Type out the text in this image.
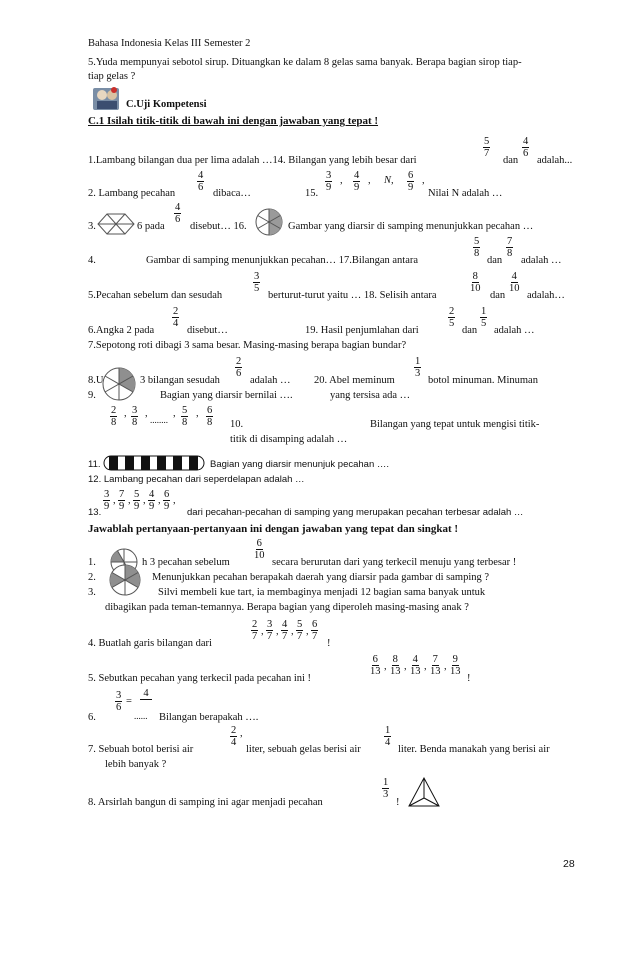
Bahasa Indonesia Kelas III Semester 2
5.Yuda mempunyai sebotol sirup. Dituangkan ke dalam 8 gelas sama banyak. Berapa bagian sirop tiap-
tiap gelas ?
C.Uji Kompetensi
C.1 Isilah titik-titik di bawah ini dengan jawaban yang tepat !
1.Lambang bilangan dua per lima adalah …14. Bilangan yang lebih besar dari
5
7
dan
4
6
adalah...
2. Lambang pecahan
4
6
dibaca…	15.
3
9
, 4
9
, N, 6
9
,
Nilai N adalah …
3.	6 pada
4
6
disebut… 16.	Gambar yang diarsir di samping menunjukkan pecahan …
4.	Gambar di samping menunjukkan pecahan… 17.Bilangan antara
5
8
dan
7
8
adalah …
5.Pecahan sebelum dan sesudah
3
5
berturut-turut yaitu … 18. Selisih antara
8
10
dan
4
10
adalah…
6.Angka 2 pada
2
4
disebut…	19. Hasil penjumlahan dari
2
5
dan
1
5
adalah …
7.Sepotong roti dibagi 3 sama besar. Masing-masing berapa bagian bundar?
8.U	3 bilangan sesudah
2
6
adalah … 20. Abel meminum
1
3
botol minuman. Minuman
9.	Bagian yang diarsir bernilai ….	yang tersisa ada …
2
8
, 3
8
,
........
, 5
8
, 6
8 10.	Bilangan yang tepat untuk mengisi titik-
titik di disamping adalah …
11.	Bagian yang diarsir menunjuk pecahan ….
12. Lambang pecahan dari seperdelapan adalah …
13.
3
9
,
7
9
,
5
9
,
4
9
,
6
9
,
dari pecahan-pecahan di samping yang merupakan pecahan terbesar adalah …
Jawablah pertanyaan-pertanyaan ini dengan jawaban yang tepat dan singkat !
1.	h 3 pecahan sebelum
6
10
secara berurutan dari yang terkecil menuju yang terbesar !
2.	Menunjukkan pecahan berapakah daerah yang diarsir pada gambar di samping ?
3.	Silvi membeli kue tart, ia membaginya menjadi 12 bagian sama banyak untuk
dibagikan pada teman-temannya. Berapa bagian yang diperoleh masing-masing anak ?
4. Buatlah garis bilangan dari
2
7 ,
3
7 ,
4
7 ,
5
7 ,
6
7
!
5. Sebutkan pecahan yang terkecil pada pecahan ini !
6
13 ,
8
13 ,
4
13 ,
7
13 ,
9
13
!
6.
3
6
=
4
...... Bilangan berapakah ….
7. Sebuah botol berisi air
2
4
,
liter, sebuah gelas berisi air
1
4
liter. Benda manakah yang berisi air
lebih banyak ?
8. Arsirlah bangun di samping ini agar menjadi pecahan
1
3
!
28
